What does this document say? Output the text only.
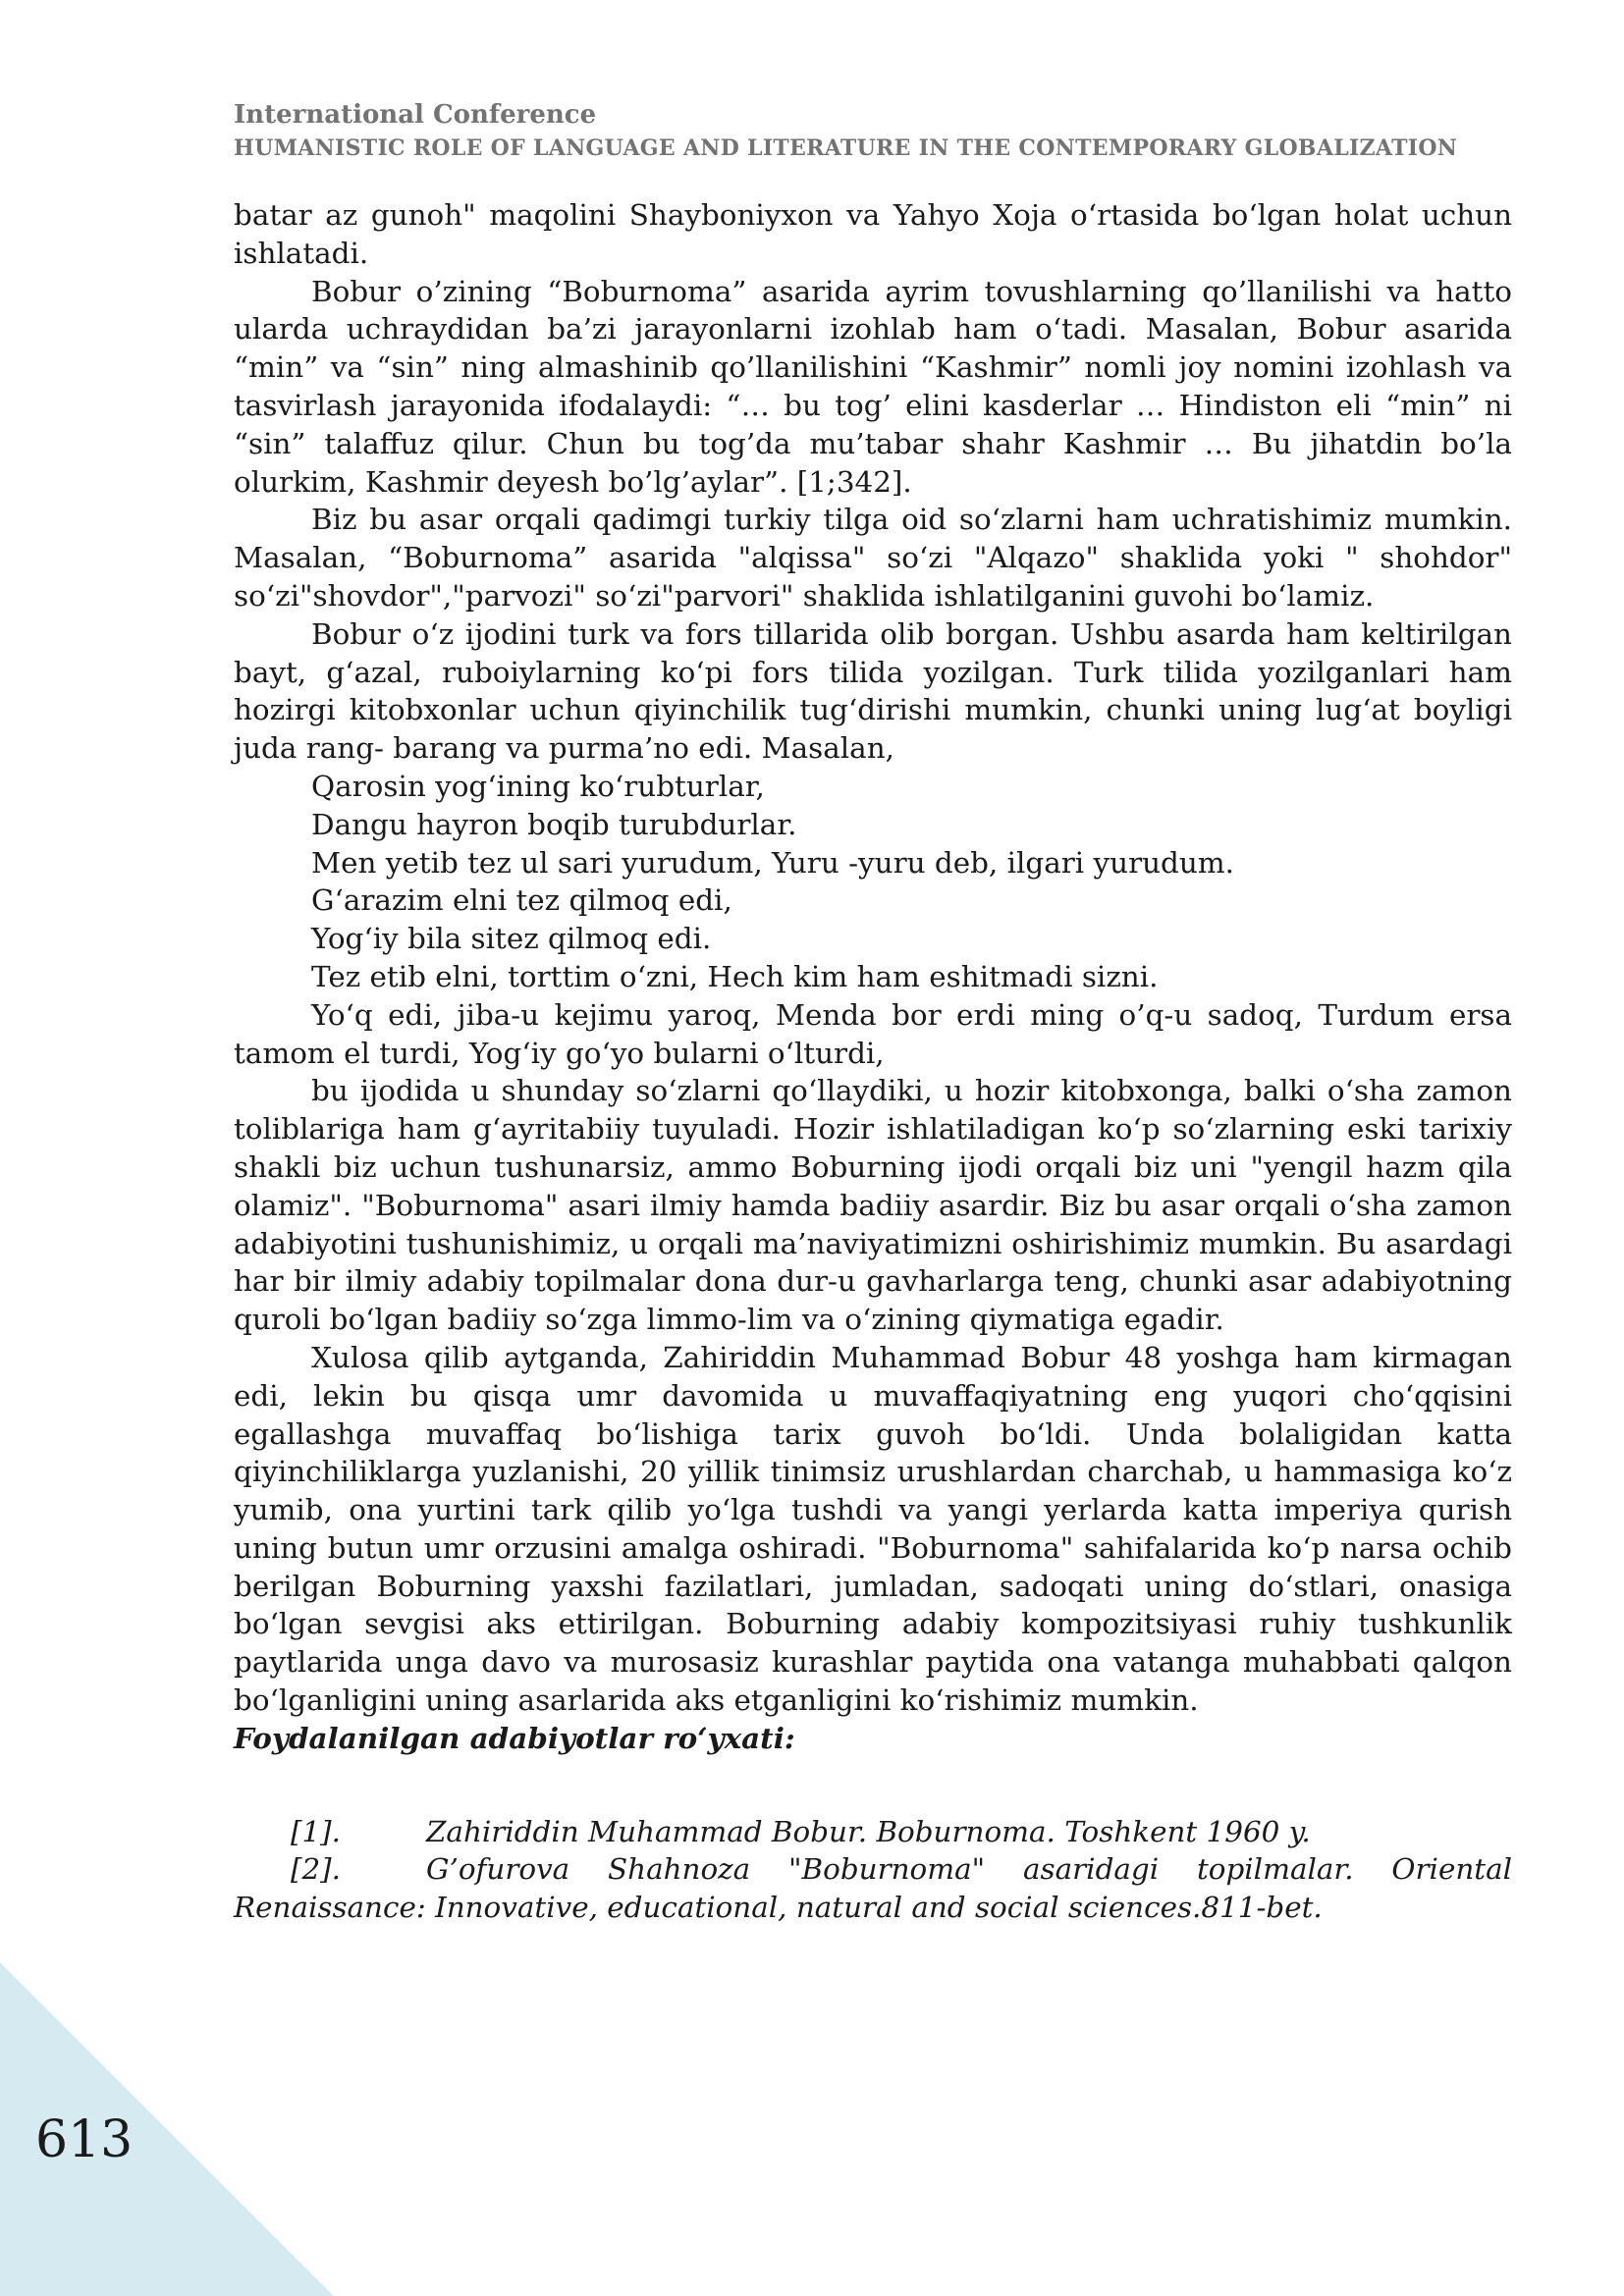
613
International Conference
HUMANISTIC ROLE OF LANGUAGE AND LITERATURE IN THE CONTEMPORARY GLOBALIZATION

batar az gunoh" maqolini Shayboniyxon va Yahyo Xoja o‘rtasida bo‘lgan holat uchun ishlatadi.

Bobur o’zining “Boburnoma” asarida ayrim tovushlarning qo’llanilishi va hatto ularda uchraydidan ba’zi jarayonlarni izohlab ham o‘tadi. Masalan, Bobur asarida “min” va “sin” ning almashinib qo’llanilishini “Kashmir” nomli joy nomini izohlash va tasvirlash jarayonida ifodalaydi: “… bu tog’ elini kasderlar … Hindiston eli “min” ni “sin” talaffuz qilur. Chun bu tog’da mu’tabar shahr Kashmir … Bu jihatdin bo’la olurkim, Kashmir deyesh bo’lg’aylar”. [1;342].

Biz bu asar orqali qadimgi turkiy tilga oid so‘zlarni ham uchratishimiz mumkin. Masalan, “Boburnoma” asarida "alqissa" so‘zi "Alqazo" shaklida yoki " shohdor" so‘zi"shovdor","parvozi" so‘zi"parvori" shaklida ishlatilganini guvohi bo‘lamiz.

Bobur o‘z ijodini turk va fors tillarida olib borgan. Ushbu asarda ham keltirilgan bayt, g‘azal, ruboiylarning ko‘pi fors tilida yozilgan. Turk tilida yozilganlari ham hozirgi kitobxonlar uchun qiyinchilik tug‘dirishi mumkin, chunki uning lug‘at boyligi juda rang- barang va purma’no edi. Masalan,

Qarosin yog‘ining ko‘rubturlar,
Dangu hayron boqib turubdurlar.
Men yetib tez ul sari yurudum, Yuru -yuru deb, ilgari yurudum.
G‘arazim elni tez qilmoq edi,
Yog‘iy bila sitez qilmoq edi.
Tez etib elni, torttim o‘zni, Hech kim ham eshitmadi sizni.

Yo‘q edi, jiba-u kejimu yaroq, Menda bor erdi ming o’q-u sadoq, Turdum ersa tamom el turdi, Yog‘iy go‘yo bularni o‘lturdi,

bu ijodida u shunday so‘zlarni qo‘llaydiki, u hozir kitobxonga, balki o‘sha zamon toliblariga ham g‘ayritabiiy tuyuladi. Hozir ishlatiladigan ko‘p so‘zlarning eski tarixiy shakli biz uchun tushunarsiz, ammo Boburning ijodi orqali biz uni "yengil hazm qila olamiz". "Boburnoma" asari ilmiy hamda badiiy asardir. Biz bu asar orqali o‘sha zamon adabiyotini tushunishimiz, u orqali ma’naviyatimizni oshirishimiz mumkin. Bu asardagi har bir ilmiy adabiy topilmalar dona dur-u gavharlarga teng, chunki asar adabiyotning quroli bo‘lgan badiiy so‘zga limmo-lim va o‘zining qiymatiga egadir.

Xulosa qilib aytganda, Zahiriddin Muhammad Bobur 48 yoshga ham kirmagan edi, lekin bu qisqa umr davomida u muvaffaqiyatning eng yuqori cho‘qqisini egallashga muvaffaq bo‘lishiga tarix guvoh bo‘ldi. Unda bolaligidan katta qiyinchiliklarga yuzlanishi, 20 yillik tinimsiz urushlardan charchab, u hammasiga ko‘z yumib, ona yurtini tark qilib yo‘lga tushdi va yangi yerlarda katta imperiya qurish uning butun umr orzusini amalga oshiradi. "Boburnoma" sahifalarida ko‘p narsa ochib berilgan Boburning yaxshi fazilatlari, jumladan, sadoqati uning do‘stlari, onasiga bo‘lgan sevgisi aks ettirilgan. Boburning adabiy kompozitsiyasi ruhiy tushkunlik paytlarida unga davo va murosasiz kurashlar paytida ona vatanga muhabbati qalqon bo‘lganligini uning asarlarida aks etganligini ko‘rishimiz mumkin.

Foydalanilgan adabiyotlar ro‘yxati:

[1].	Zahiriddin Muhammad Bobur. Boburnoma. Toshkent 1960 y.

[2].	G’ofurova Shahnoza "Boburnoma" asaridagi topilmalar. Oriental Renaissance: Innovative, educational, natural and social sciences.811-bet.
